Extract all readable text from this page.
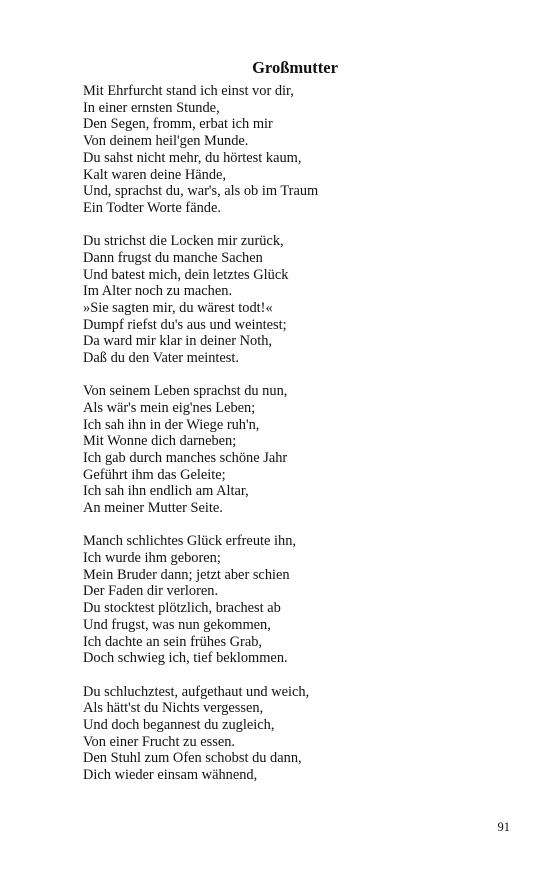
Großmutter
Mit Ehrfurcht stand ich einst vor dir,
In einer ernsten Stunde,
Den Segen, fromm, erbat ich mir
Von deinem heil'gen Munde.
Du sahst nicht mehr, du hörtest kaum,
Kalt waren deine Hände,
Und, sprachst du, war's, als ob im Traum
Ein Todter Worte fände.
Du strichst die Locken mir zurück,
Dann frugst du manche Sachen
Und batest mich, dein letztes Glück
Im Alter noch zu machen.
»Sie sagten mir, du wärest todt!«
Dumpf riefst du's aus und weintest;
Da ward mir klar in deiner Noth,
Daß du den Vater meintest.
Von seinem Leben sprachst du nun,
Als wär's mein eig'nes Leben;
Ich sah ihn in der Wiege ruh'n,
Mit Wonne dich darneben;
Ich gab durch manches schöne Jahr
Geführt ihm das Geleite;
Ich sah ihn endlich am Altar,
An meiner Mutter Seite.
Manch schlichtes Glück erfreute ihn,
Ich wurde ihm geboren;
Mein Bruder dann; jetzt aber schien
Der Faden dir verloren.
Du stocktest plötzlich, brachest ab
Und frugst, was nun gekommen,
Ich dachte an sein frühes Grab,
Doch schwieg ich, tief beklommen.
Du schluchztest, aufgethaut und weich,
Als hätt'st du Nichts vergessen,
Und doch begannest du zugleich,
Von einer Frucht zu essen.
Den Stuhl zum Ofen schobst du dann,
Dich wieder einsam wähnend,
91
